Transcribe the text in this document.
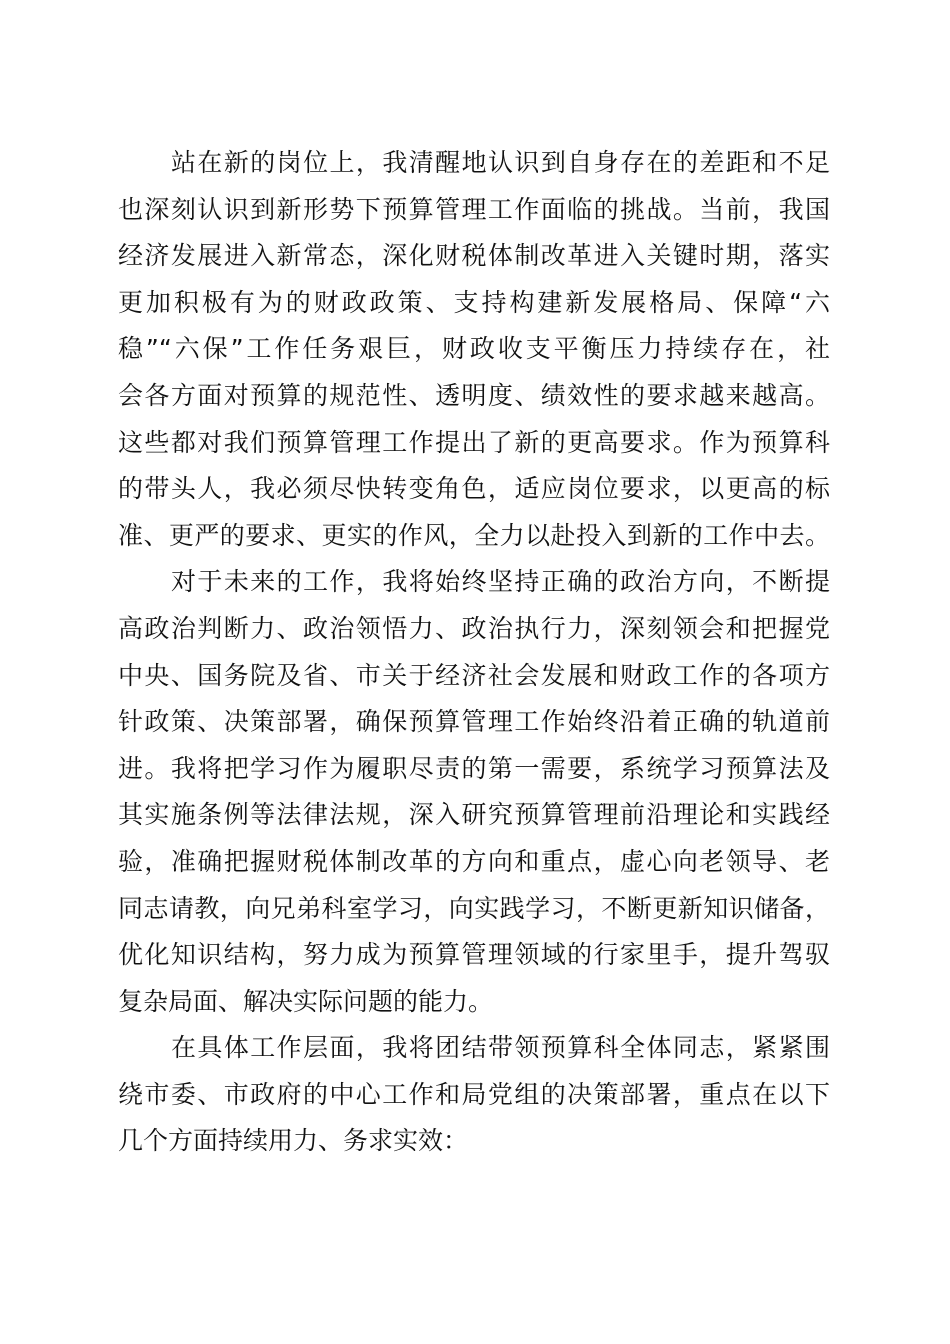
站在新的岗位上，我清醒地认识到自身存在的差距和不足
也深刻认识到新形势下预算管理工作面临的挑战。当前，我国
经济发展进入新常态，深化财税体制改革进入关键时期，落实
更加积极有为的财政政策、支持构建新发展格局、保障“六
稳”“六保”工作任务艰巨，财政收支平衡压力持续存在，社
会各方面对预算的规范性、透明度、绩效性的要求越来越高。
这些都对我们预算管理工作提出了新的更高要求。作为预算科
的带头人，我必须尽快转变角色，适应岗位要求，以更高的标
准、更严的要求、更实的作风，全力以赴投入到新的工作中去。
对于未来的工作，我将始终坚持正确的政治方向，不断提
高政治判断力、政治领悟力、政治执行力，深刻领会和把握党
中央、国务院及省、市关于经济社会发展和财政工作的各项方
针政策、决策部署，确保预算管理工作始终沿着正确的轨道前
进。我将把学习作为履职尽责的第一需要，系统学习预算法及
其实施条例等法律法规，深入研究预算管理前沿理论和实践经
验，准确把握财税体制改革的方向和重点，虚心向老领导、老
同志请教，向兄弟科室学习，向实践学习，不断更新知识储备，
优化知识结构，努力成为预算管理领域的行家里手，提升驾驭
复杂局面、解决实际问题的能力。
在具体工作层面，我将团结带领预算科全体同志，紧紧围
绕市委、市政府的中心工作和局党组的决策部署，重点在以下
几个方面持续用力、务求实效：
